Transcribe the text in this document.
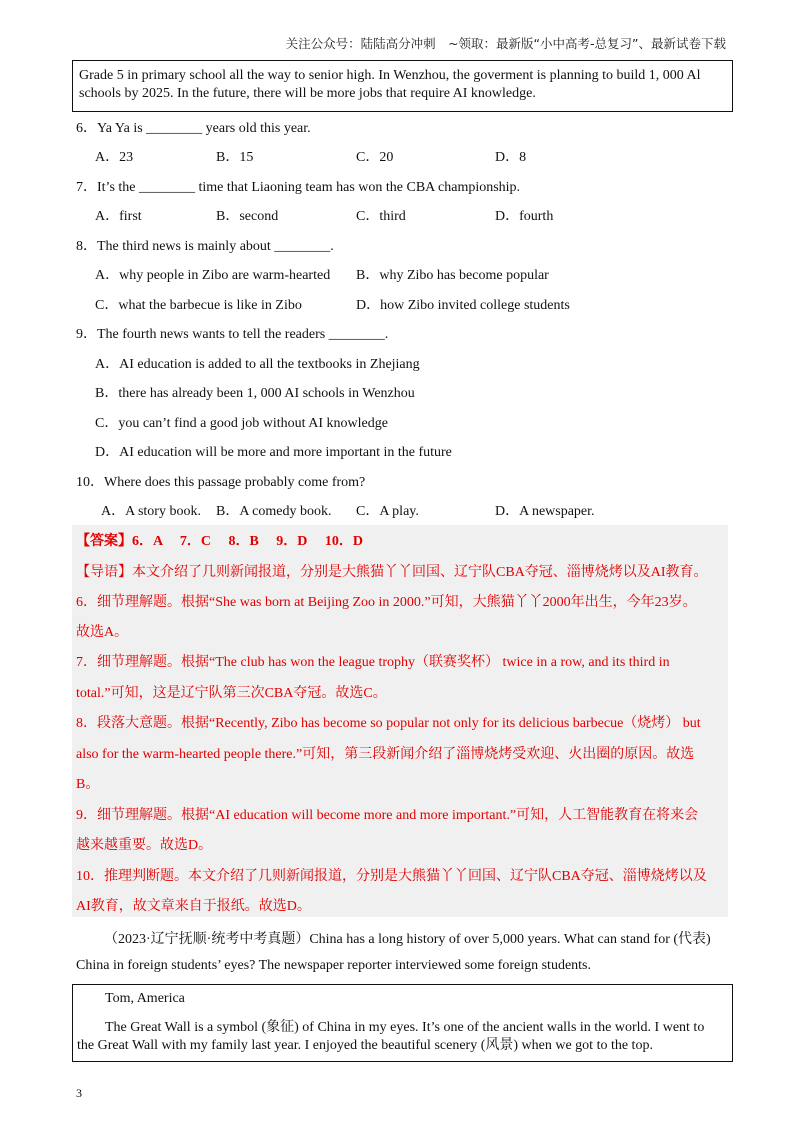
关注公众号：陆陆高分冲刺　~领取：最新版“小中高考-总复习”、最新试卷下载
Grade 5 in primary school all the way to senior high. In Wenzhou, the goverment is planning to build 1, 000 Al schools by 2025. In the future, there will be more jobs that require AI knowledge.
6．Ya Ya is ________ years old this year.
A．23	B．15	C．20	D．8
7．It’s the ________ time that Liaoning team has won the CBA championship.
A．first	B．second	C．third	D．fourth
8．The third news is mainly about ________.
A．why people in Zibo are warm-hearted B．why Zibo has become popular
C．what the barbecue is like in Zibo	D．how Zibo invited college students
9．The fourth news wants to tell the readers ________.
A．AI education is added to all the textbooks in Zhejiang
B．there has already been 1, 000 AI schools in Wenzhou
C．you can’t find a good job without AI knowledge
D．AI education will be more and more important in the future
10．Where does this passage probably come from?
A．A story book. B．A comedy book. C．A play.	D．A newspaper.
【答案】6．A　 7．C　 8．B　 9．D　 10．D
【导语】本文介绍了几则新闻报道，分别是大熊猫丫丫回国、辽宁队CBA夺冠、淄博烧烤以及AI教育。
6．细节理解题。根据“She was born at Beijing Zoo in 2000.”可知，大熊猫丫丫2000年出生，今年23岁。
故选A。
7．细节理解题。根据“The club has won the league trophy（联赛奖杯） twice in a row, and its third in
total.”可知，这是辽宁队第三次CBA夺冠。故选C。
8．段落大意题。根据“Recently, Zibo has become so popular not only for its delicious barbecue（烧烤） but
also for the warm-hearted people there.”可知，第三段新闻介绍了淄博烧烤受欢迎、火出圈的原因。故选
B。
9．细节理解题。根据“AI education will become more and more important.”可知，人工智能教育在将来会
越来越重要。故选D。
10．推理判断题。本文介绍了几则新闻报道，分别是大熊猫丫丫回国、辽宁队CBA夺冠、淄博烧烤以及
AI教育，故文章来自于报纸。故选D。
（2023·辽宁抚顺·统考中考真题）China has a long history of over 5,000 years. What can stand for (代表)
China in foreign students’ eyes? The newspaper reporter interviewed some foreign students.
Tom, America
The Great Wall is a symbol (象征) of China in my eyes. It’s one of the ancient walls in the world. I went to
the Great Wall with my family last year. I enjoyed the beautiful scenery (风景) when we got to the top.
3
